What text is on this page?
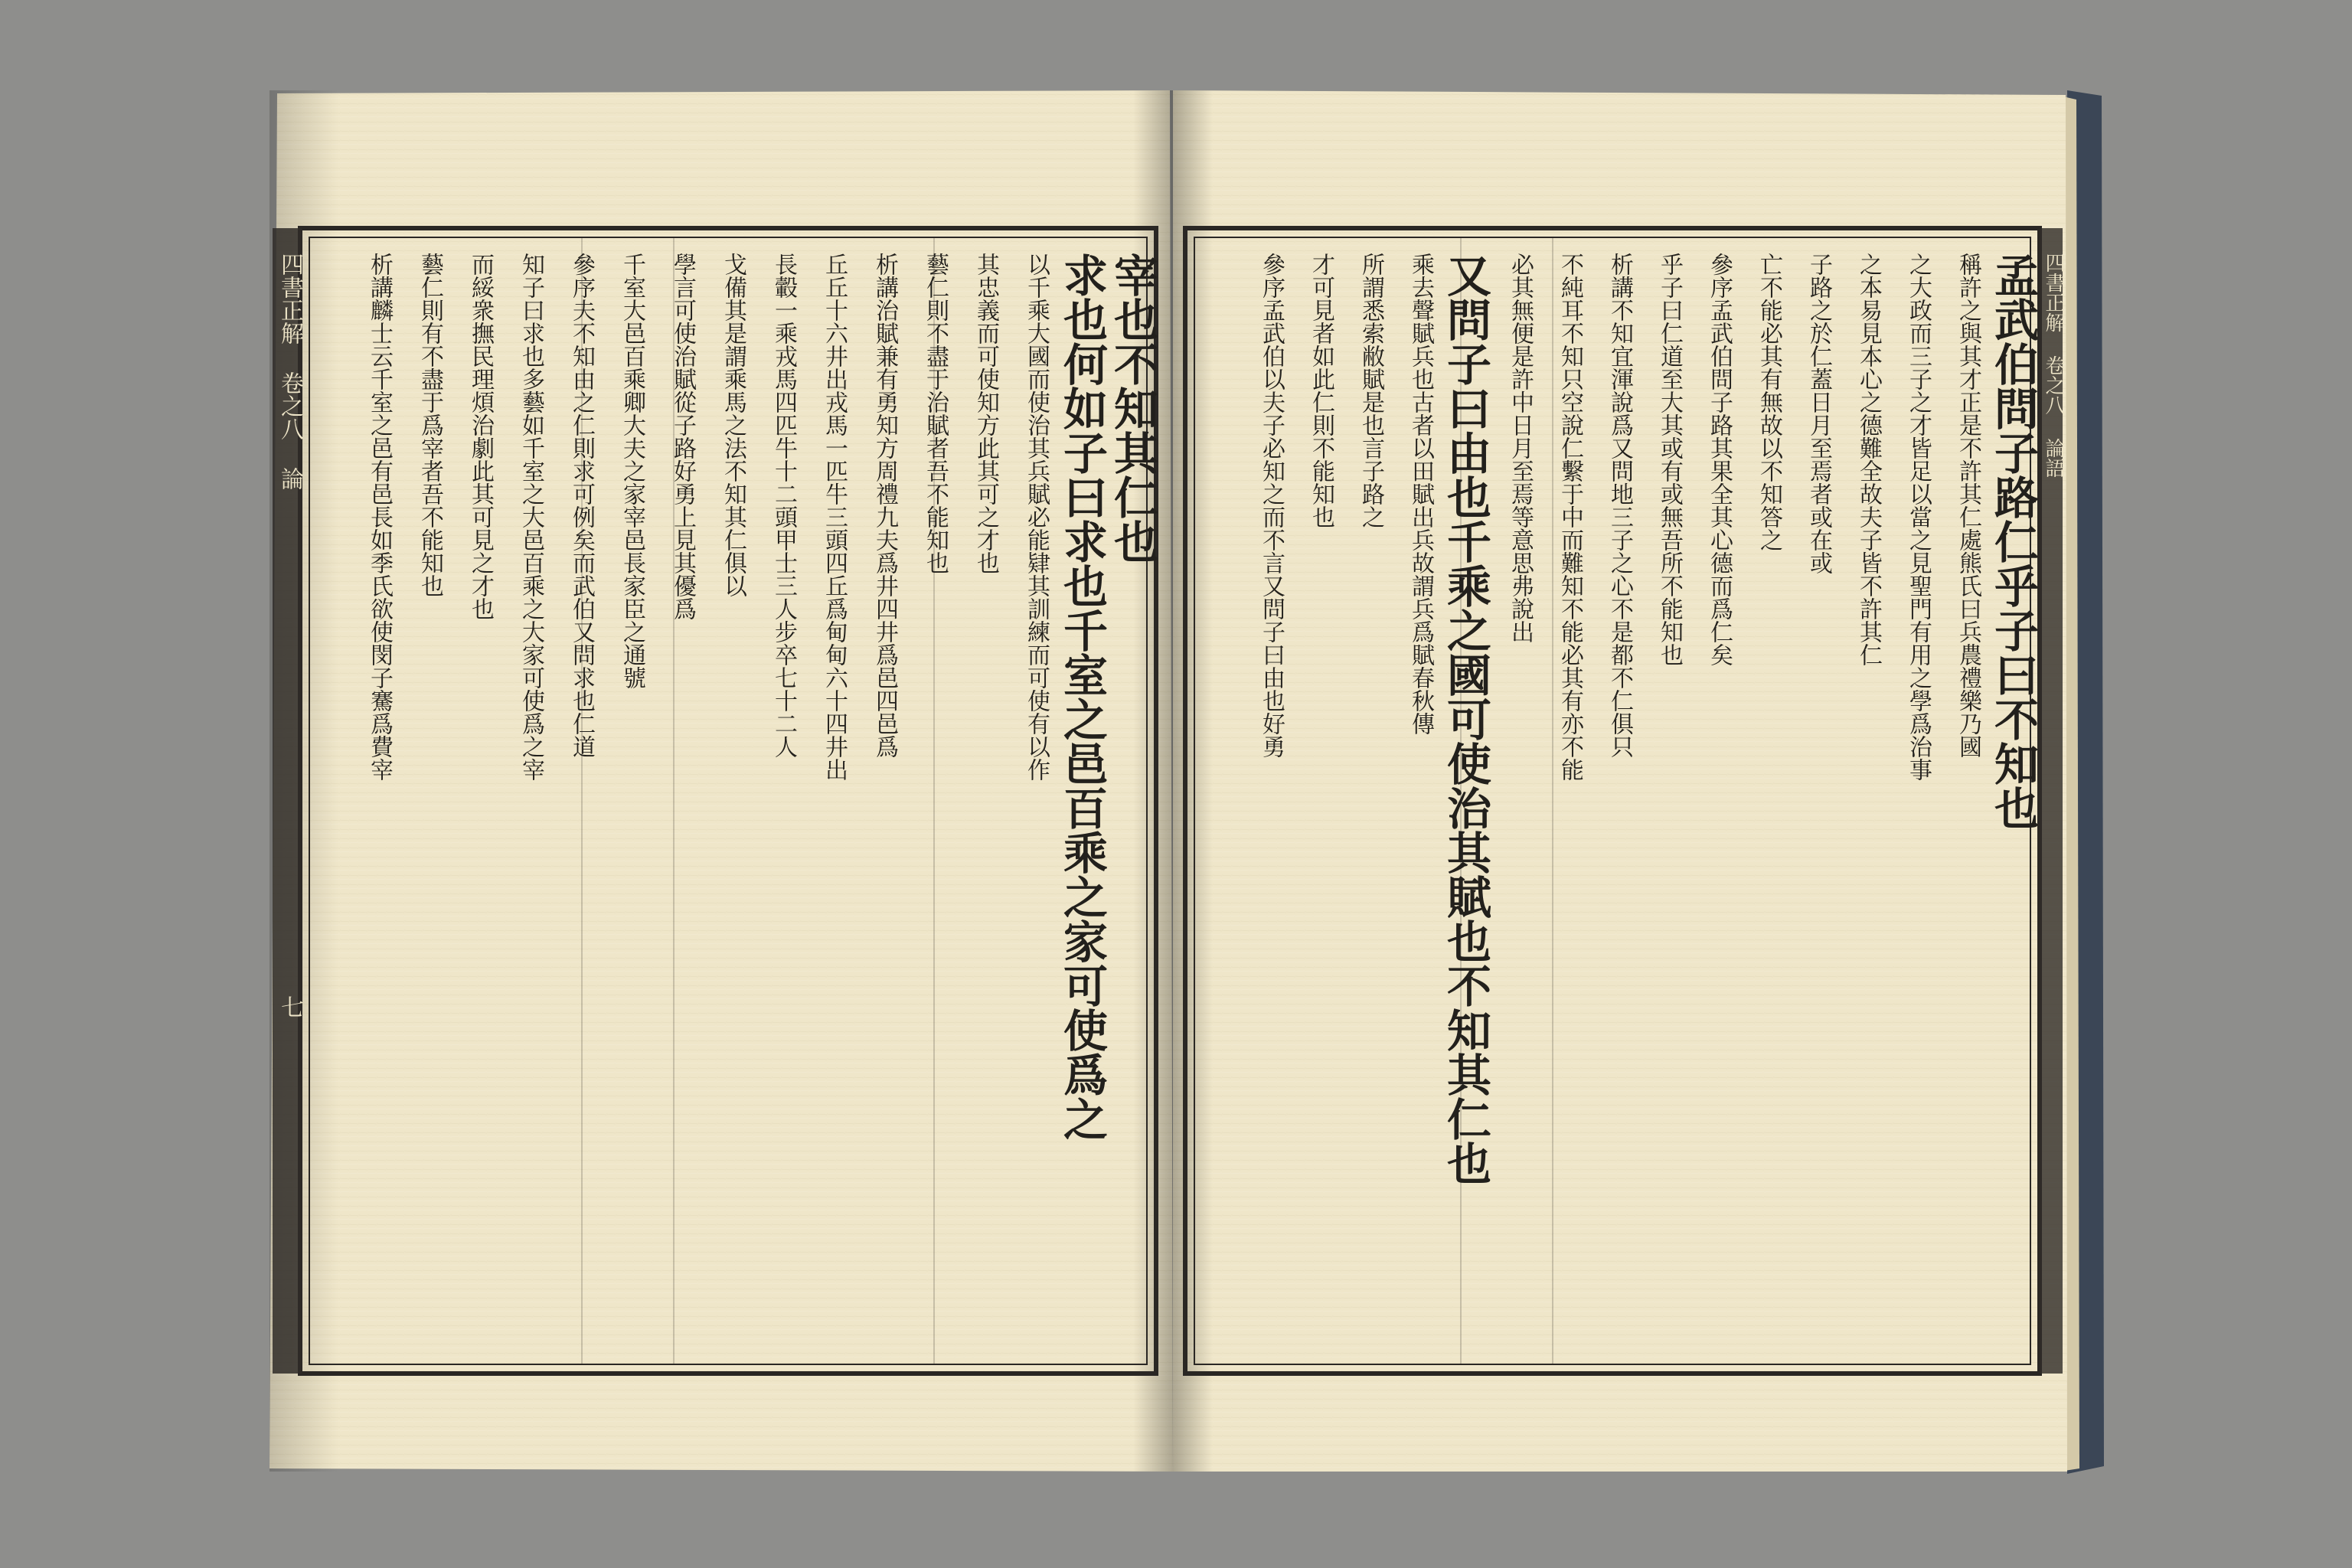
孟武伯問子路仁乎子曰不知也
稱許之與其才正是不許其仁處熊氏曰兵農禮樂乃國
之大政而三子之才皆足以當之見聖門有用之學爲治事
之本易見本心之德難全故夫子皆不許其仁
子路之於仁蓋日月至焉者或在或
亡不能必其有無故以不知答之
參序孟武伯問子路其果全其心德而爲仁矣
乎子曰仁道至大其或有或無吾所不能知也
析講不知宜渾說爲又問地三子之心不是都不仁俱只
不純耳不知只空說仁繫于中而難知不能必其有亦不能
必其無便是許中日月至焉等意思弗說出
又問子曰由也千乘之國可使治其賦也不知其仁也
乘去聲賦兵也古者以田賦出兵故謂兵爲賦春秋傳
所謂悉索敝賦是也言子路之
才可見者如此仁則不能知也
參序孟武伯以夫子必知之而不言又問子曰由也好勇
宰也不知其仁也
求也何如子曰求也千室之邑百乘之家可使爲之
以千乘大國而使治其兵賦必能肄其訓練而可使有以作
其忠義而可使知方此其可之才也
藝仁則不盡于治賦者吾不能知也
析講治賦兼有勇知方周禮九夫爲井四井爲邑四邑爲
丘丘十六井出戎馬一匹牛三頭四丘爲甸甸六十四井出
長轂一乘戎馬四匹牛十二頭甲士三人步卒七十二人
戈備其是謂乘馬之法不知其仁俱以
學言可使治賦從子路好勇上見其優爲
千室大邑百乘卿大夫之家宰邑長家臣之通號
參序夫不知由之仁則求可例矣而武伯又問求也仁道
知子曰求也多藝如千室之大邑百乘之大家可使爲之宰
而綏衆撫民理煩治劇此其可見之才也
藝仁則有不盡于爲宰者吾不能知也
析講麟士云千室之邑有邑長如季氏欲使閔子騫爲費宰
四書正解 卷之八 論
七
四書正解 卷之八 論語
